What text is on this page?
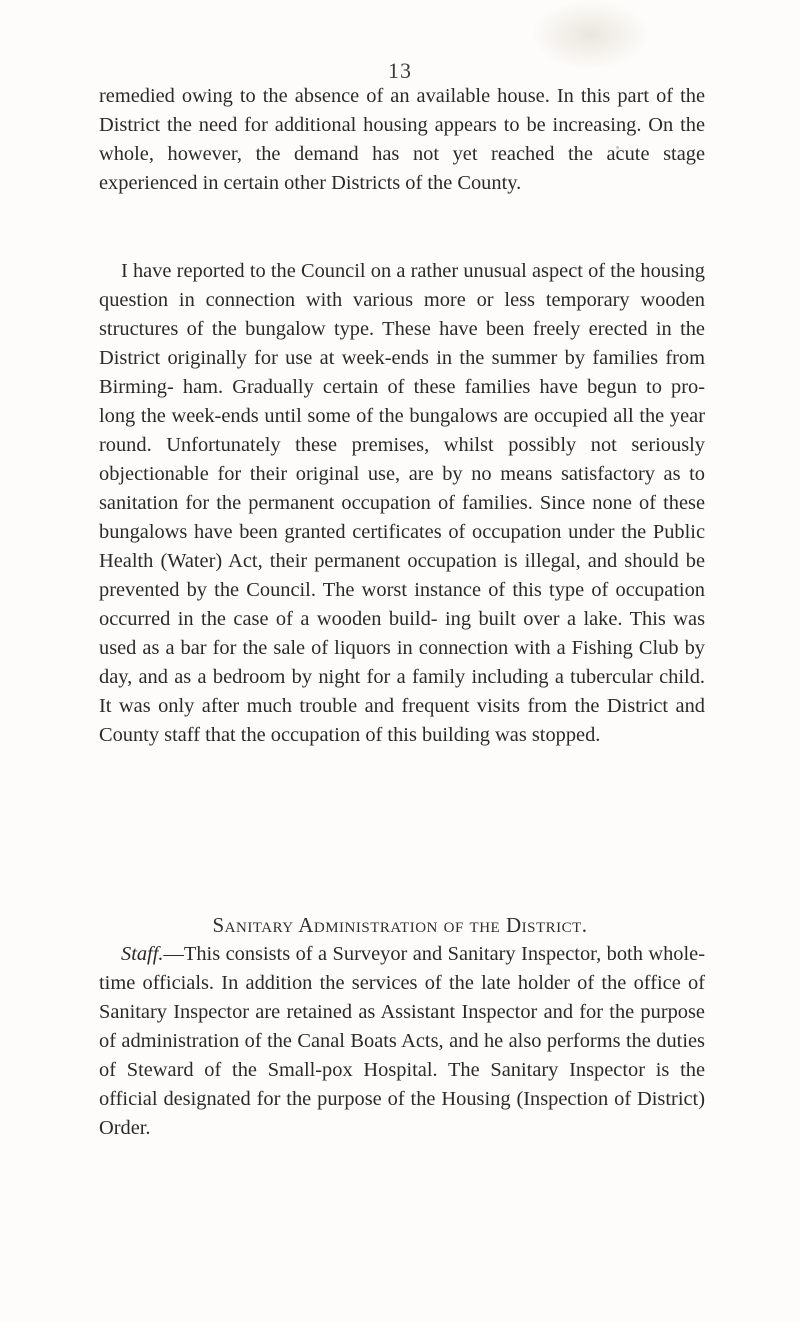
13

remedied owing to the absence of an available house. In this part of the District the need for additional housing appears to be increasing. On the whole, however, the demand has not yet reached the acute stage experienced in certain other Districts of the County.

I have reported to the Council on a rather unusual aspect of the housing question in connection with various more or less temporary wooden structures of the bungalow type. These have been freely erected in the District originally for use at week-ends in the summer by families from Birming- ham. Gradually certain of these families have begun to pro- long the week-ends until some of the bungalows are occupied all the year round. Unfortunately these premises, whilst possibly not seriously objectionable for their original use, are by no means satisfactory as to sanitation for the permanent occupation of families. Since none of these bungalows have been granted certificates of occupation under the Public Health (Water) Act, their permanent occupation is illegal, and should be prevented by the Council. The worst instance of this type of occupation occurred in the case of a wooden build- ing built over a lake. This was used as a bar for the sale of liquors in connection with a Fishing Club by day, and as a bedroom by night for a family including a tubercular child. It was only after much trouble and frequent visits from the District and County staff that the occupation of this building was stopped.

Sanitary Administration of the District.

Staff.—This consists of a Surveyor and Sanitary Inspector, both whole-time officials. In addition the services of the late holder of the office of Sanitary Inspector are retained as Assistant Inspector and for the purpose of administration of the Canal Boats Acts, and he also performs the duties of Steward of the Small-pox Hospital. The Sanitary Inspector is the official designated for the purpose of the Housing (Inspection of District) Order.
